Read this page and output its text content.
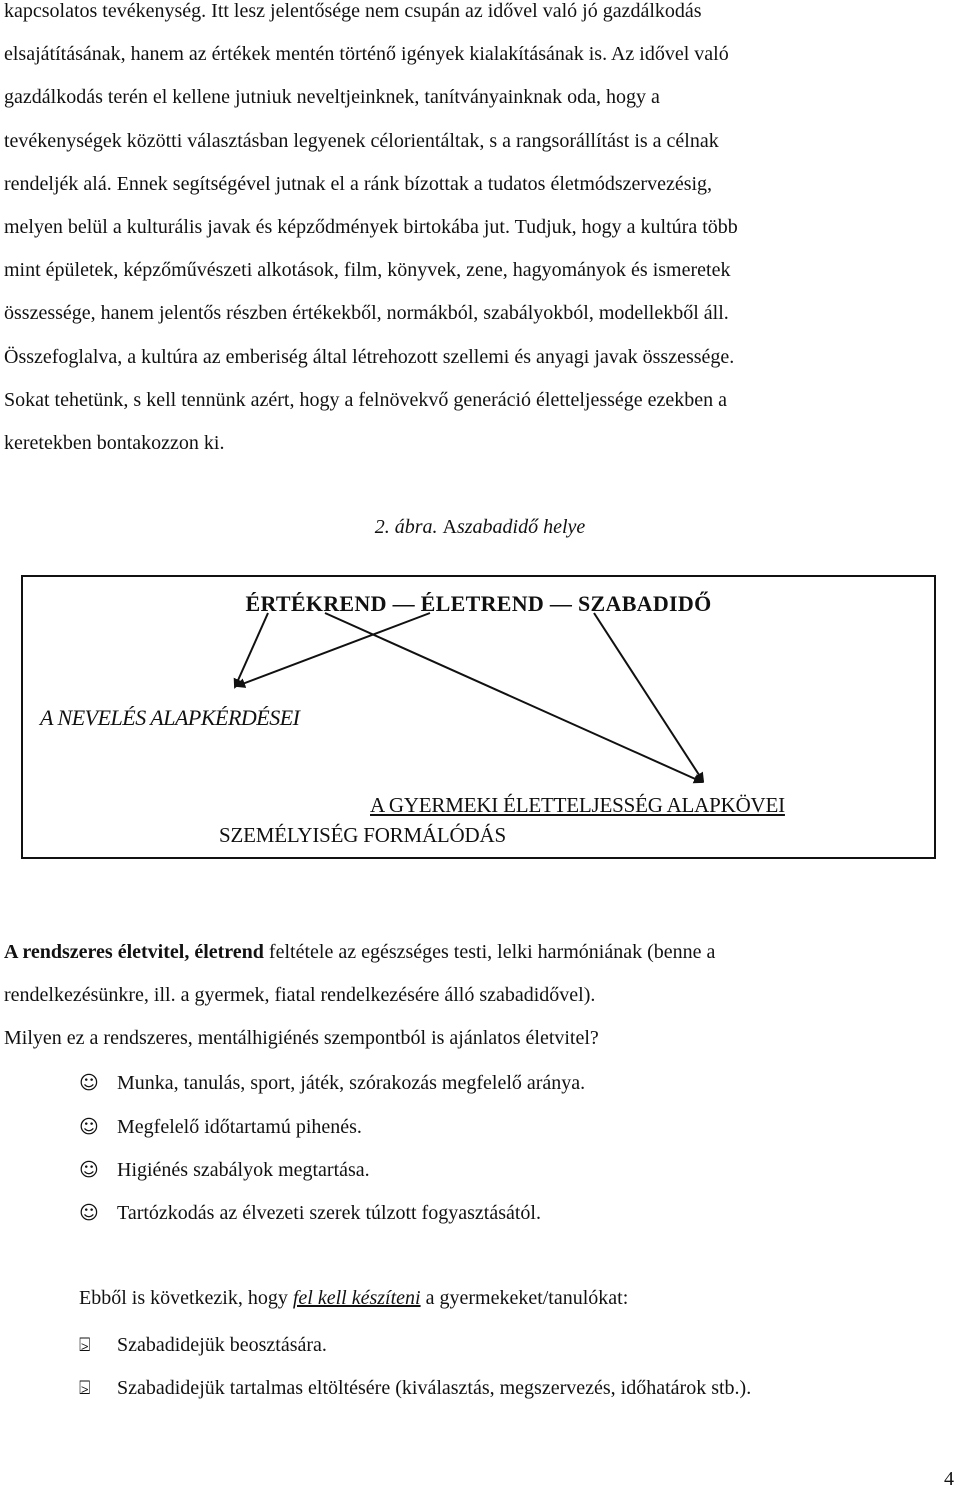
kapcsolatos tevékenység. Itt lesz jelentősége nem csupán az idővel való jó gazdálkodás
elsajátításának, hanem az értékek mentén történő igények kialakításának is. Az idővel való
gazdálkodás terén el kellene jutniuk neveltjeinknek, tanítványainknak oda, hogy a
tevékenységek közötti választásban legyenek célorientáltak, s a rangsorállítást is a célnak
rendeljék alá. Ennek segítségével jutnak el a ránk bízottak a tudatos életmódszervezésig,
melyen belül a kulturális javak és képződmények birtokába jut. Tudjuk, hogy a kultúra több
mint épületek, képzőművészeti alkotások, film, könyvek, zene, hagyományok és ismeretek
összessége, hanem jelentős részben értékekből, normákból, szabályokból, modellekből áll.
Összefoglalva, a kultúra az emberiség által létrehozott szellemi és anyagi javak összessége.
Sokat tehetünk, s kell tennünk azért, hogy a felnövekvő generáció életteljessége ezekben a
keretekben bontakozzon ki.
2. ábra. Aszabadidő helye
ÉRTÉKREND — ÉLETREND — SZABADIDŐ
A NEVELÉS ALAPKÉRDÉSEI
A GYERMEKI ÉLETTELJESSÉG ALAPKÖVEI
SZEMÉLYISÉG FORMÁLÓDÁS
A rendszeres életvitel, életrend feltétele az egészséges testi, lelki harmóniának (benne a
rendelkezésünkre, ill. a gyermek, fiatal rendelkezésére álló szabadidővel).
Milyen ez a rendszeres, mentálhigiénés szempontból is ajánlatos életvitel?
☺ Munka, tanulás, sport, játék, szórakozás megfelelő aránya.
☺ Megfelelő időtartamú pihenés.
☺ Higiénés szabályok megtartása.
☺ Tartózkodás az élvezeti szerek túlzott fogyasztásától.
Ebből is következik, hogy fel kell készíteni a gyermekeket/tanulókat:
⍄ Szabadidejük beosztására.
⍄ Szabadidejük tartalmas eltöltésére (kiválasztás, megszervezés, időhatárok stb.).
4
